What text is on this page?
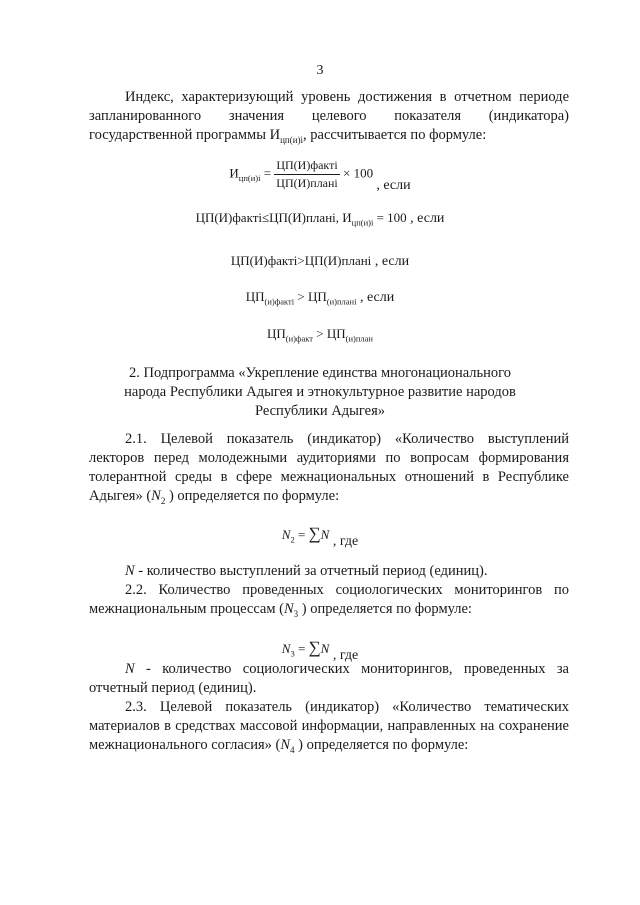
3
Индекс, характеризующий уровень достижения в отчетном периоде запланированного значения целевого показателя (индикатора) государственной программы $И_{цп(и)i}$, рассчитывается по формуле:
$И_{цп(и)i} = \frac{\text{ЦП(И)фактi}}{\text{ЦП(И)планi}} \times 100$ , если
ЦП(И)фактi≤ЦП(И)планi, $И_{цп(и)i} = 100$ , если
ЦП(И)фактi>ЦП(И)планi , если
$ЦП_{(и)фактi} > ЦП_{(и)планi}$ , если
$ЦП_{(и)факт} > ЦП_{(и)план}$
2. Подпрограмма «Укрепление единства многонационального
народа Республики Адыгея и этнокультурное развитие народов
Республики Адыгея»
2.1. Целевой показатель (индикатор) «Количество выступлений лекторов перед молодежными аудиториями по вопросам формирования толерантной среды в сфере межнациональных отношений в Республике Адыгея» ($N_2$ ) определяется по формуле:
$N_2 = \sum N$ , где
N - количество выступлений за отчетный период (единиц).
2.2. Количество проведенных социологических мониторингов по межнациональным процессам ($N_3$ ) определяется по формуле:
$N_3 = \sum N$ , где
N - количество социологических мониторингов, проведенных за отчетный период (единиц).
2.3. Целевой показатель (индикатор) «Количество тематических материалов в средствах массовой информации, направленных на сохранение межнационального согласия» ($N_4$ ) определяется по формуле:
